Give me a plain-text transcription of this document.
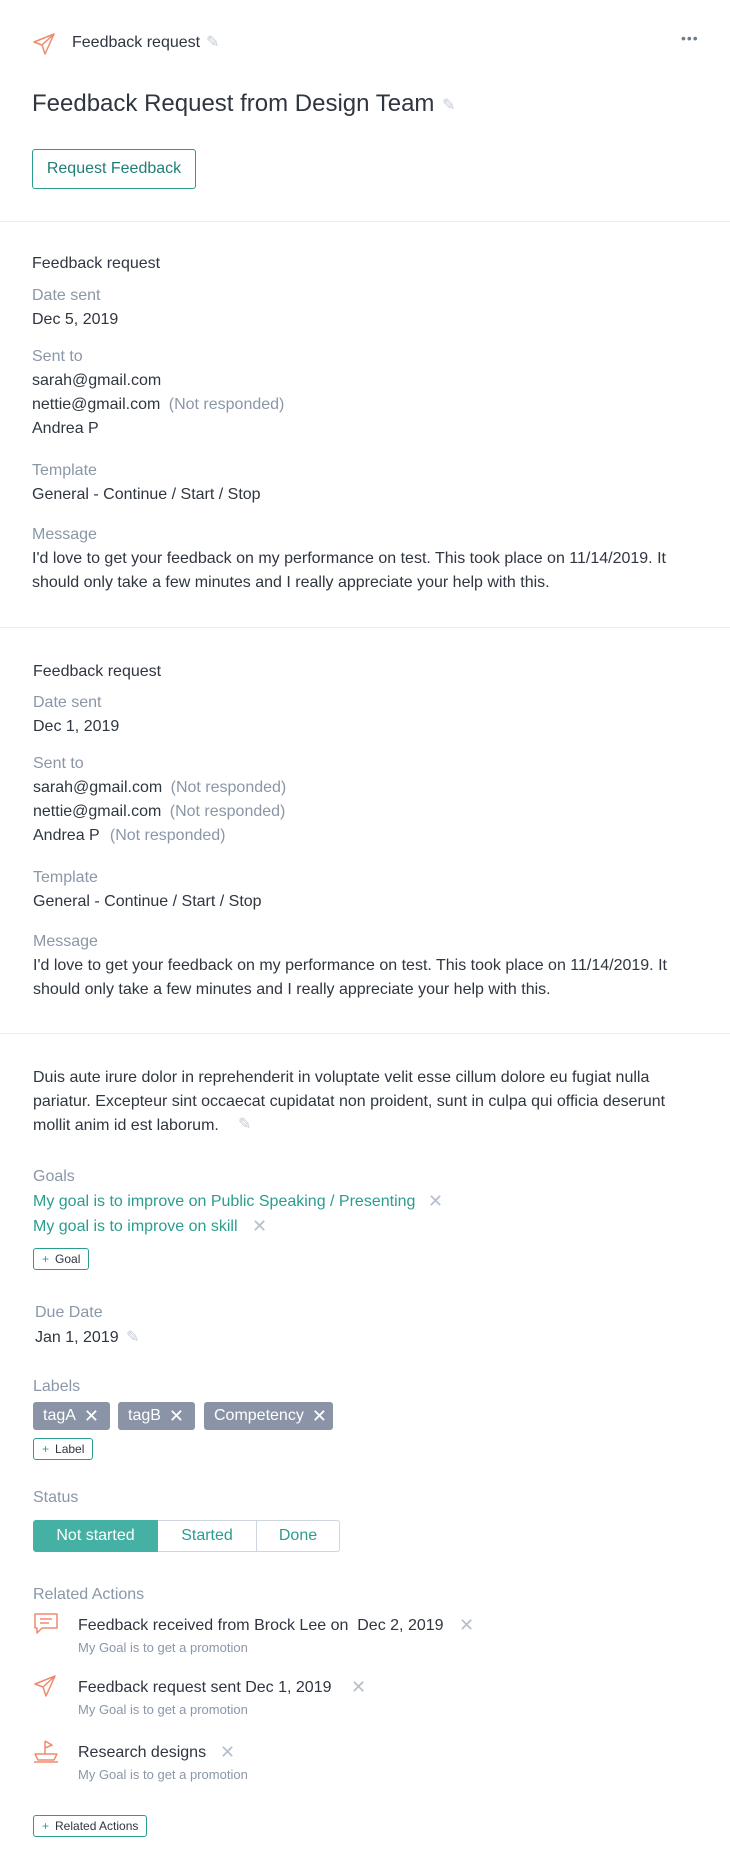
Feedback request ✎	•••
Feedback Request from Design Team ✎
Request Feedback
Feedback request
Date sent
Dec 5, 2019
Sent to
sarah@gmail.com
nettie@gmail.com (Not responded)
Andrea P
Template
General - Continue / Start / Stop
Message
I'd love to get your feedback on my performance on test. This took place on 11/14/2019. It
should only take a few minutes and I really appreciate your help with this.
Feedback request
Date sent
Dec 1, 2019
Sent to
sarah@gmail.com (Not responded)
nettie@gmail.com (Not responded)
Andrea P (Not responded)
Template
General - Continue / Start / Stop
Message
I'd love to get your feedback on my performance on test. This took place on 11/14/2019. It
should only take a few minutes and I really appreciate your help with this.
Duis aute irure dolor in reprehenderit in voluptate velit esse cillum dolore eu fugiat nulla
pariatur. Excepteur sint occaecat cupidatat non proident, sunt in culpa qui officia deserunt
mollit anim id est laborum. ✎
Goals
My goal is to improve on Public Speaking / Presenting ✕
My goal is to improve on skill ✕
+ Goal
Due Date
Jan 1, 2019 ✎
Labels
tagA ✕ tagB ✕ Competency ✕
+ Label
Status
Not started	Started	Done
Related Actions
Feedback received from Brock Lee on  Dec 2, 2019 ✕
My Goal is to get a promotion
Feedback request sent Dec 1, 2019 ✕
My Goal is to get a promotion
Research designs ✕
My Goal is to get a promotion
+ Related Actions
